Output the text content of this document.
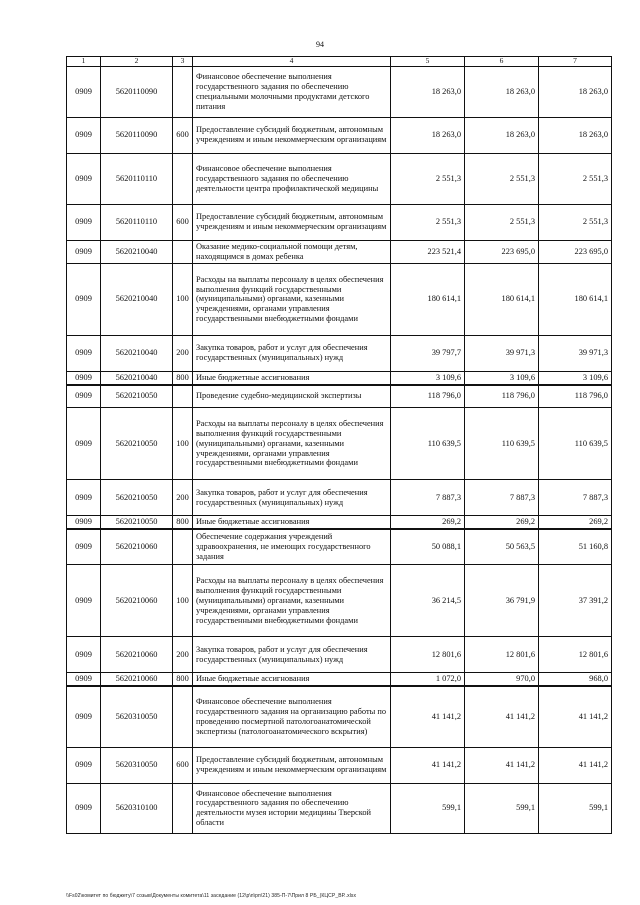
94
1	2	3	4	5	6	7
0909	5620110090		Финансовое обеспечение выполнения государственного задания по обеспечению специальными молочными продуктами детского питания	18 263,0	18 263,0	18 263,0
0909	5620110090	600	Предоставление субсидий бюджетным, автономным учреждениям и иным некоммерческим организациям	18 263,0	18 263,0	18 263,0
0909	5620110110		Финансовое обеспечение выполнения государственного задания по обеспечению деятельности центра профилактической медицины	2 551,3	2 551,3	2 551,3
0909	5620110110	600	Предоставление субсидий бюджетным, автономным учреждениям и иным некоммерческим организациям	2 551,3	2 551,3	2 551,3
0909	5620210040		Оказание медико-социальной помощи детям, находящимся в домах ребенка	223 521,4	223 695,0	223 695,0
0909	5620210040	100	Расходы на выплаты персоналу в целях обеспечения выполнения функций государственными (муниципальными) органами, казенными учреждениями, органами управления государственными внебюджетными фондами	180 614,1	180 614,1	180 614,1
0909	5620210040	200	Закупка товаров, работ и услуг для обеспечения государственных (муниципальных) нужд	39 797,7	39 971,3	39 971,3
0909	5620210040	800	Иные бюджетные ассигнования	3 109,6	3 109,6	3 109,6
0909	5620210050		Проведение судебно-медицинской экспертизы	118 796,0	118 796,0	118 796,0
0909	5620210050	100	Расходы на выплаты персоналу в целях обеспечения выполнения функций государственными (муниципальными) органами, казенными учреждениями, органами управления государственными внебюджетными фондами	110 639,5	110 639,5	110 639,5
0909	5620210050	200	Закупка товаров, работ и услуг для обеспечения государственных (муниципальных) нужд	7 887,3	7 887,3	7 887,3
0909	5620210050	800	Иные бюджетные ассигнования	269,2	269,2	269,2
0909	5620210060		Обеспечение содержания учреждений здравоохранения, не имеющих государственного задания	50 088,1	50 563,5	51 160,8
0909	5620210060	100	Расходы на выплаты персоналу в целях обеспечения выполнения функций государственными (муниципальными) органами, казенными учреждениями, органами управления государственными внебюджетными фондами	36 214,5	36 791,9	37 391,2
0909	5620210060	200	Закупка товаров, работ и услуг для обеспечения государственных (муниципальных) нужд	12 801,6	12 801,6	12 801,6
0909	5620210060	800	Иные бюджетные ассигнования	1 072,0	970,0	968,0
0909	5620310050		Финансовое обеспечение выполнения государственного задания на организацию работы по проведению посмертной патологоанатомической экспертизы (патологоанатомического вскрытия)	41 141,2	41 141,2	41 141,2
0909	5620310050	600	Предоставление субсидий бюджетным, автономным учреждениям и иным некоммерческим организациям	41 141,2	41 141,2	41 141,2
0909	5620310100		Финансовое обеспечение выполнения государственного задания по обеспечению деятельности музея истории медицины Тверской области	599,1	599,1	599,1
\\Fs02\комитет по бюджету\7 созыв\Документы комитета\11 заседание (12\р\п\рп\21) 385-П-7\Прил 8 РБ_(КЦСР_ВР..xlsx
